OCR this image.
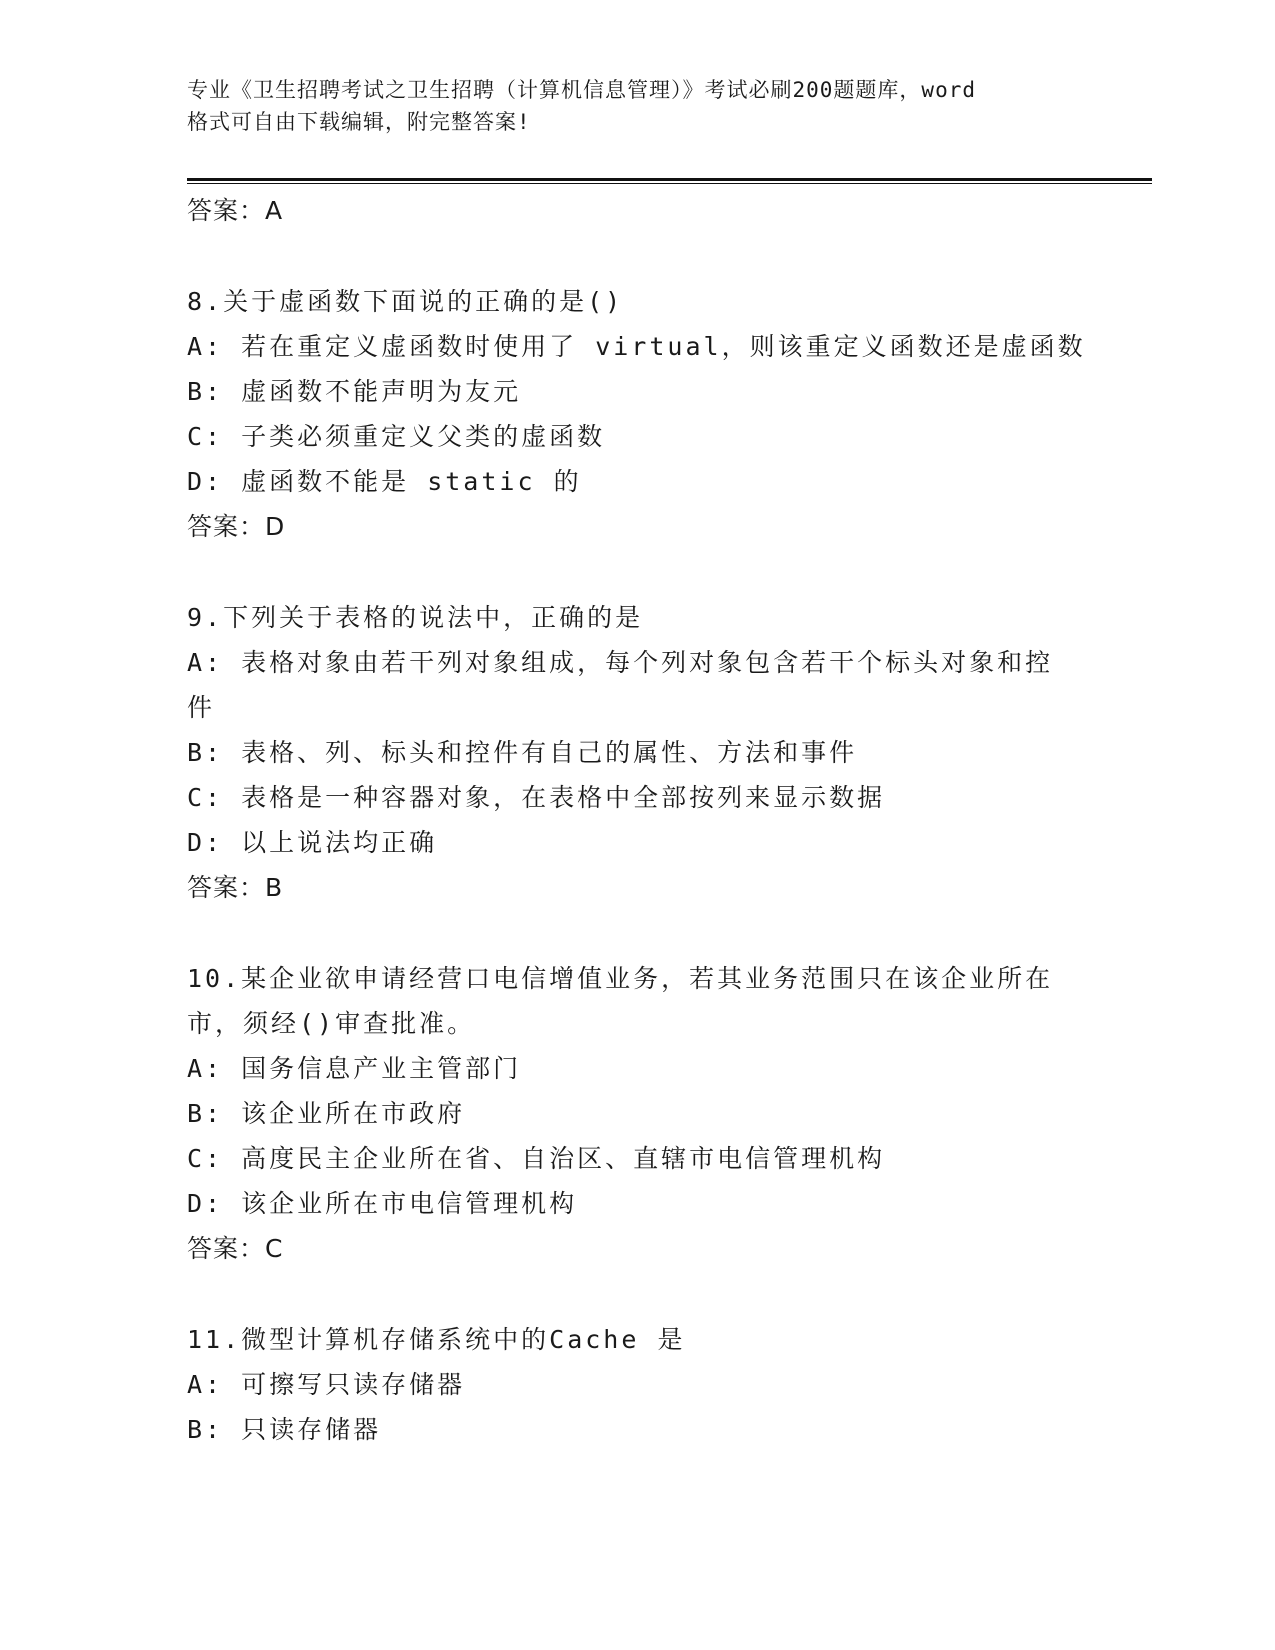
专业《卫生招聘考试之卫生招聘（计算机信息管理）》考试必刷200题题库，word
格式可自由下载编辑，附完整答案!
答案：A
8.关于虚函数下面说的正确的是()
A: 若在重定义虚函数时使用了 virtual，则该重定义函数还是虚函数
B: 虚函数不能声明为友元
C: 子类必须重定义父类的虚函数
D: 虚函数不能是 static 的
答案：D
9.下列关于表格的说法中，正确的是
A: 表格对象由若干列对象组成，每个列对象包含若干个标头对象和控
件
B: 表格、列、标头和控件有自己的属性、方法和事件
C: 表格是一种容器对象，在表格中全部按列来显示数据
D: 以上说法均正确
答案：B
10.某企业欲申请经营口电信增值业务，若其业务范围只在该企业所在
市，须经()审查批准。
A: 国务信息产业主管部门
B: 该企业所在市政府
C: 高度民主企业所在省、自治区、直辖市电信管理机构
D: 该企业所在市电信管理机构
答案：C
11.微型计算机存储系统中的Cache 是
A: 可擦写只读存储器
B: 只读存储器
